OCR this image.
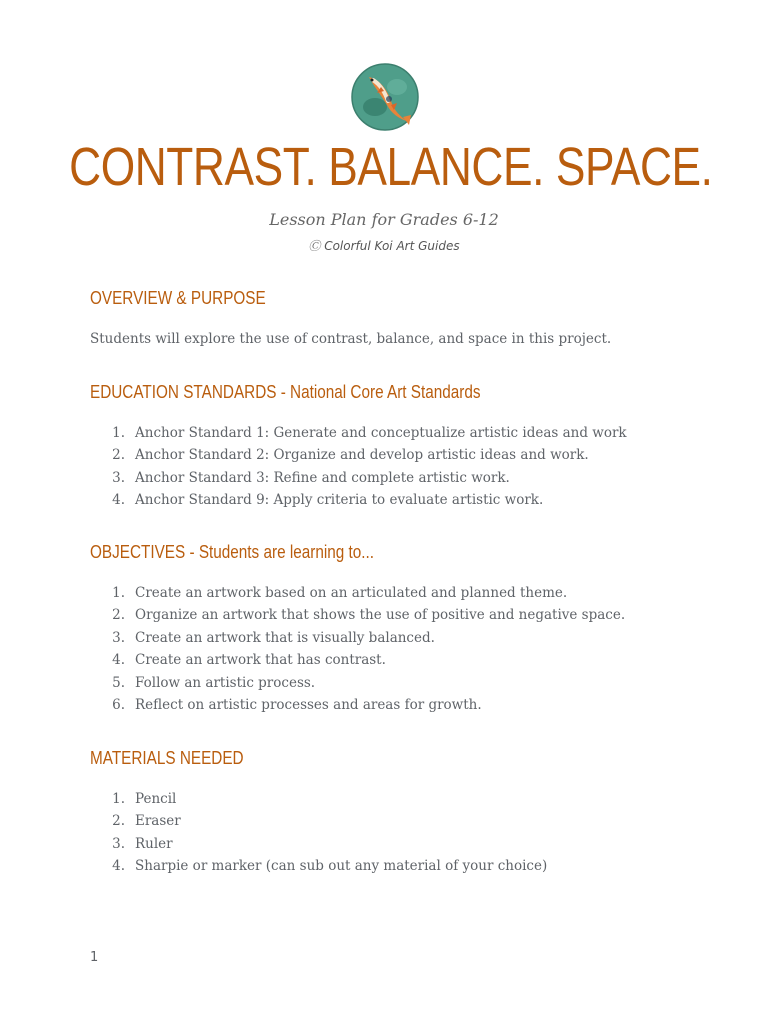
CONTRAST. BALANCE. SPACE.
Lesson Plan for Grades 6-12
Ⓒ Colorful Koi Art Guides
OVERVIEW & PURPOSE
Students will explore the use of contrast, balance, and space in this project.
EDUCATION STANDARDS - National Core Art Standards
1. Anchor Standard 1: Generate and conceptualize artistic ideas and work
2. Anchor Standard 2: Organize and develop artistic ideas and work.
3. Anchor Standard 3: Refine and complete artistic work.
4. Anchor Standard 9: Apply criteria to evaluate artistic work.
OBJECTIVES - Students are learning to...
1. Create an artwork based on an articulated and planned theme.
2. Organize an artwork that shows the use of positive and negative space.
3. Create an artwork that is visually balanced.
4. Create an artwork that has contrast.
5. Follow an artistic process.
6. Reflect on artistic processes and areas for growth.
MATERIALS NEEDED
1. Pencil
2. Eraser
3. Ruler
4. Sharpie or marker (can sub out any material of your choice)
1
